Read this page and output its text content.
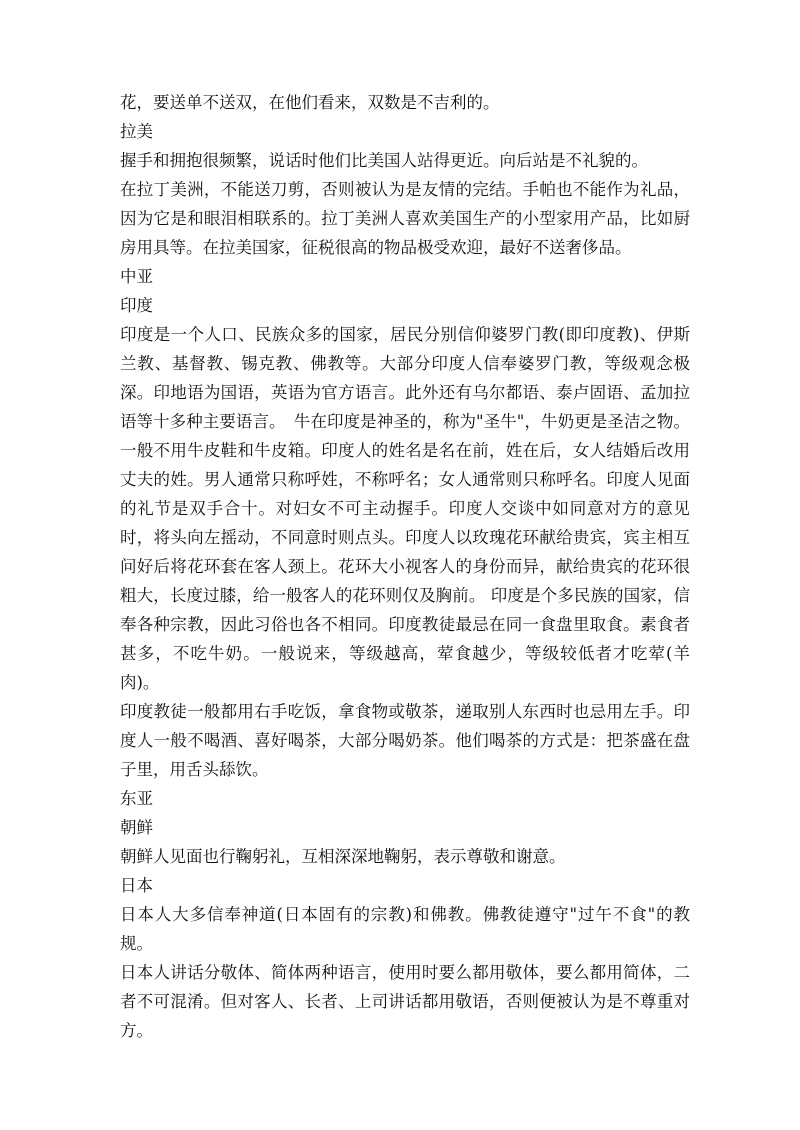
花，要送单不送双，在他们看来，双数是不吉利的。

拉美

握手和拥抱很频繁，说话时他们比美国人站得更近。向后站是不礼貌的。

在拉丁美洲，不能送刀剪，否则被认为是友情的完结。手帕也不能作为礼品，因为它是和眼泪相联系的。拉丁美洲人喜欢美国生产的小型家用产品，比如厨房用具等。在拉美国家，征税很高的物品极受欢迎，最好不送奢侈品。

中亚

印度

印度是一个人口、民族众多的国家，居民分别信仰婆罗门教(即印度教)、伊斯兰教、基督教、锡克教、佛教等。大部分印度人信奉婆罗门教，等级观念极深。印地语为国语，英语为官方语言。此外还有乌尔都语、泰卢固语、孟加拉语等十多种主要语言。　牛在印度是神圣的，称为"圣牛"，牛奶更是圣洁之物。一般不用牛皮鞋和牛皮箱。印度人的姓名是名在前，姓在后，女人结婚后改用丈夫的姓。男人通常只称呼姓，不称呼名；女人通常则只称呼名。印度人见面的礼节是双手合十。对妇女不可主动握手。印度人交谈中如同意对方的意见时，将头向左摇动，不同意时则点头。印度人以玫瑰花环献给贵宾，宾主相互问好后将花环套在客人颈上。花环大小视客人的身份而异，献给贵宾的花环很粗大，长度过膝，给一般客人的花环则仅及胸前。 印度是个多民族的国家，信奉各种宗教，因此习俗也各不相同。印度教徒最忌在同一食盘里取食。素食者甚多，不吃牛奶。一般说来，等级越高，荤食越少，等级较低者才吃荤(羊肉)。

印度教徒一般都用右手吃饭，拿食物或敬茶，递取别人东西时也忌用左手。印度人一般不喝酒、喜好喝茶，大部分喝奶茶。他们喝茶的方式是：把茶盛在盘子里，用舌头舔饮。

东亚

朝鲜

朝鲜人见面也行鞠躬礼，互相深深地鞠躬，表示尊敬和谢意。

日本

日本人大多信奉神道(日本固有的宗教)和佛教。佛教徒遵守"过午不食"的教规。

日本人讲话分敬体、简体两种语言，使用时要么都用敬体，要么都用简体，二者不可混淆。但对客人、长者、上司讲话都用敬语，否则便被认为是不尊重对方。
